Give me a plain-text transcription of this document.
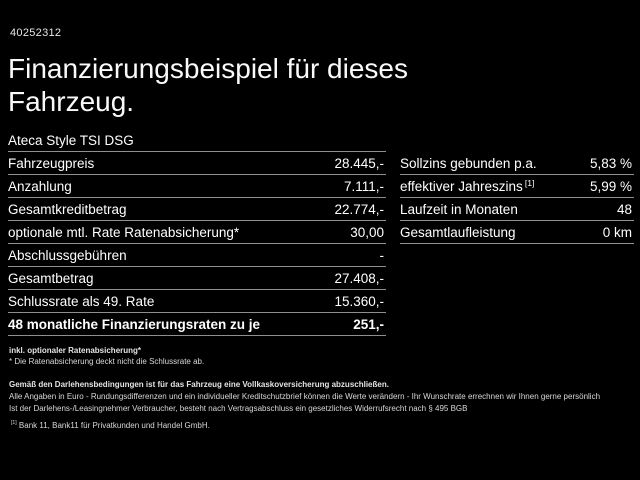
40252312
Finanzierungsbeispiel für dieses Fahrzeug.
Ateca Style TSI DSG
Fahrzeugpreis	28.445,-
Anzahlung	7.111,-
Gesamtkreditbetrag	22.774,-
optionale mtl. Rate Ratenabsicherung*	30,00
Abschlussgebühren	-
Gesamtbetrag	27.408,-
Schlussrate als 49. Rate	15.360,-
48 monatliche Finanzierungsraten zu je	251,-
Sollzins gebunden p.a.	5,83 %
effektiver Jahreszins [1]	5,99 %
Laufzeit in Monaten	48
Gesamtlaufleistung	0 km
inkl. optionaler Ratenabsicherung*
* Die Ratenabsicherung deckt nicht die Schlussrate ab.
Gemäß den Darlehensbedingungen ist für das Fahrzeug eine Vollkaskoversicherung abzuschließen.
Alle Angaben in Euro - Rundungsdifferenzen und ein individueller Kreditschutzbrief können die Werte verändern - Ihr Wunschrate errechnen wir Ihnen gerne persönlich
Ist der Darlehens-/Leasingnehmer Verbraucher, besteht nach Vertragsabschluss ein gesetzliches Widerrufsrecht nach § 495 BGB
[1] Bank 11, Bank11 für Privatkunden und Handel GmbH.
